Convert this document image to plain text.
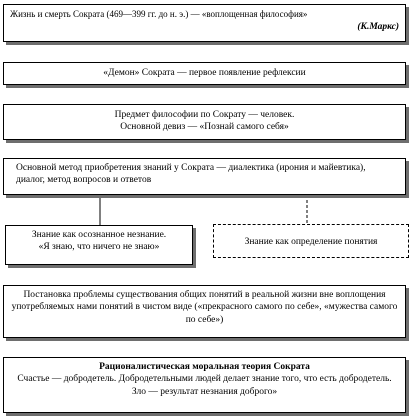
Жизнь и смерть Сократа (469—399 гг. до н. э.) — «воплощенная философия»
(К.Маркс)
«Демон» Сократа — первое появление рефлексии
Предмет философии по Сократу — человек.
Основной девиз — «Познай самого себя»
Основной метод приобретения знаний у Сократа — диалектика (ирония и майевтика), диалог, метод вопросов и ответов
Знание как осознанное незнание.
«Я знаю, что ничего не знаю»
Знание как определение понятия
Постановка проблемы существования общих понятий в реальной жизни вне воплощения употребляемых нами понятий в чистом виде («прекрасного самого по себе», «мужества самого по себе»)
Рационалистическая моральная теория Сократа
Счастье — добродетель. Добродетельными людей делает знание того, что есть добродетель. Зло — результат незнания доброго»
